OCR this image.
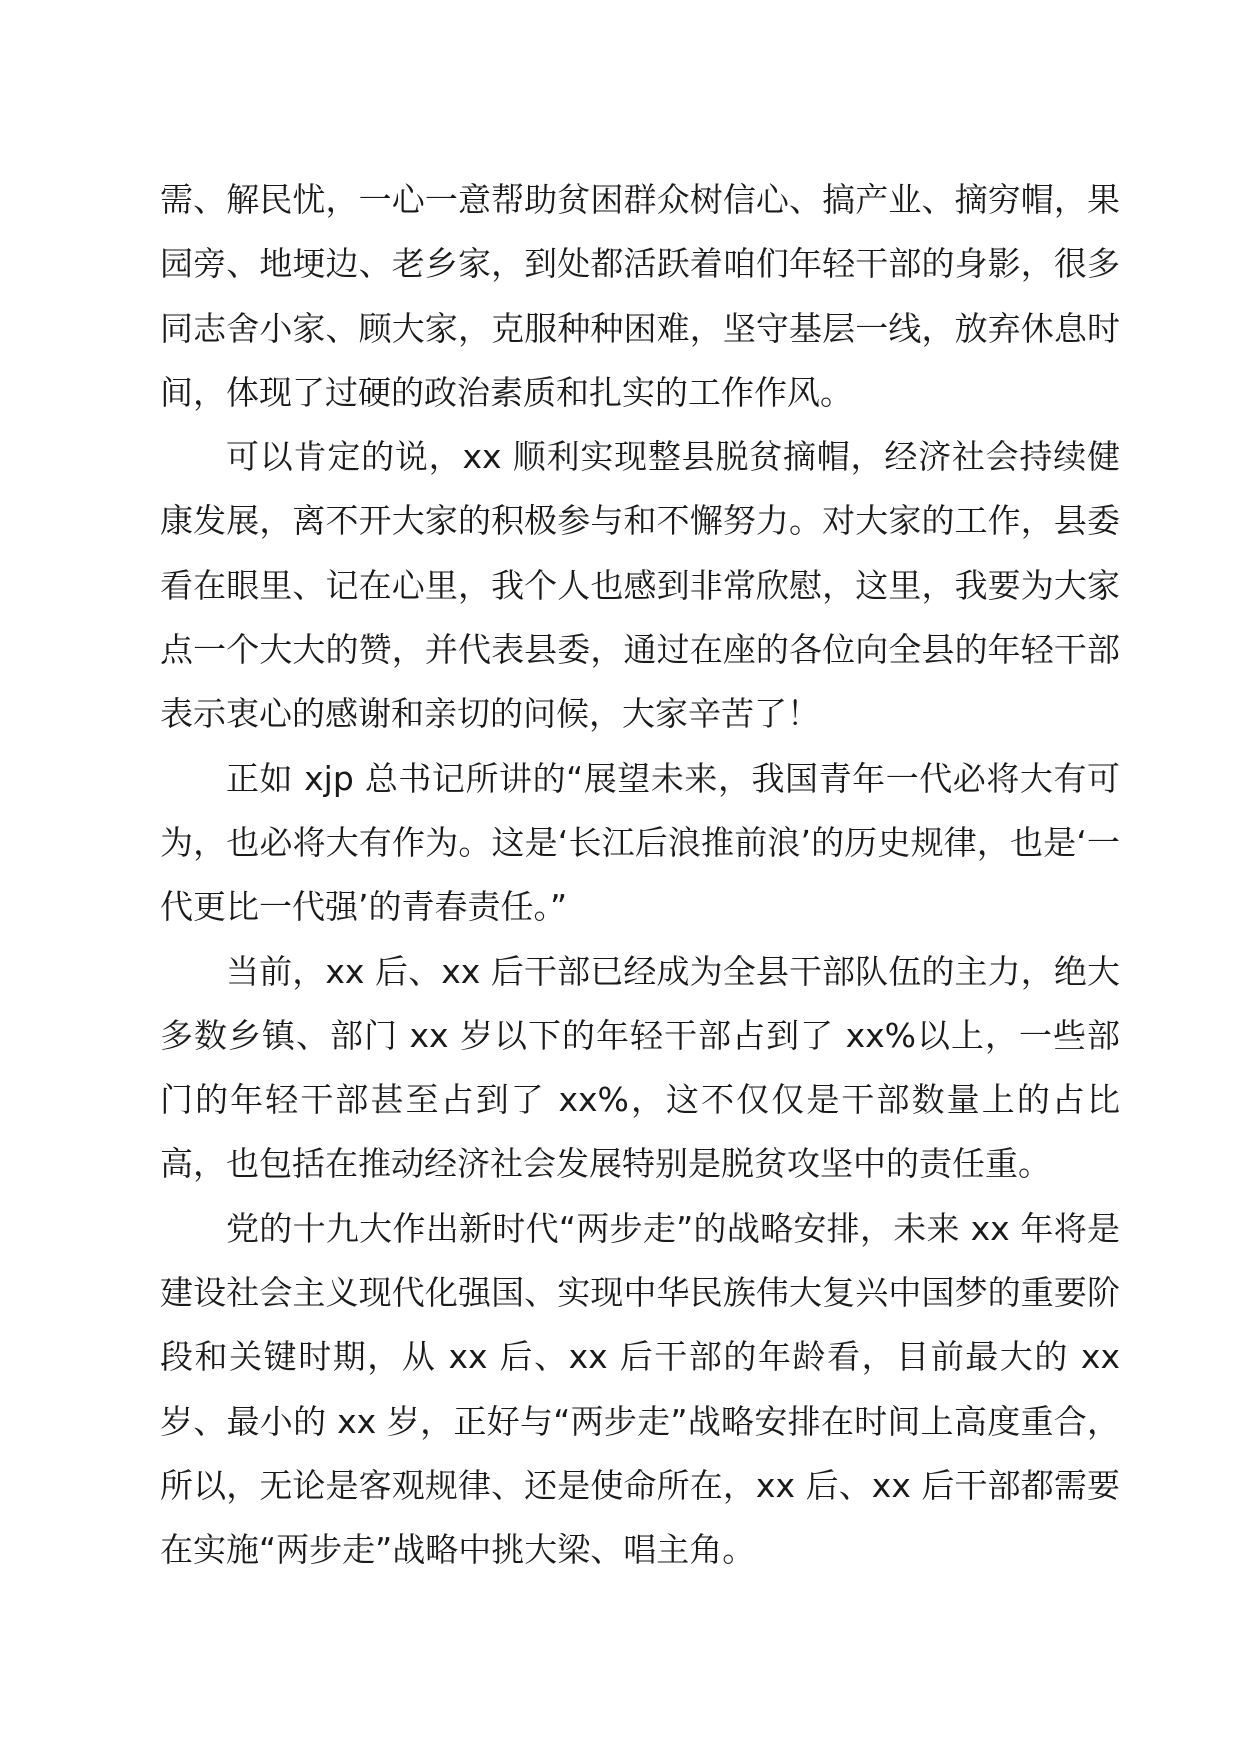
需、解民忧，一心一意帮助贫困群众树信心、搞产业、摘穷帽，果园旁、地埂边、老乡家，到处都活跃着咱们年轻干部的身影，很多同志舍小家、顾大家，克服种种困难，坚守基层一线，放弃休息时间，体现了过硬的政治素质和扎实的工作作风。

可以肯定的说，xx 顺利实现整县脱贫摘帽，经济社会持续健康发展，离不开大家的积极参与和不懈努力。对大家的工作，县委看在眼里、记在心里，我个人也感到非常欣慰，这里，我要为大家点一个大大的赞，并代表县委，通过在座的各位向全县的年轻干部表示衷心的感谢和亲切的问候，大家辛苦了！

正如 xjp 总书记所讲的“展望未来，我国青年一代必将大有可为，也必将大有作为。这是‘长江后浪推前浪’的历史规律，也是‘一代更比一代强’的青春责任。”

当前，xx 后、xx 后干部已经成为全县干部队伍的主力，绝大多数乡镇、部门 xx 岁以下的年轻干部占到了 xx%以上，一些部门的年轻干部甚至占到了 xx%，这不仅仅是干部数量上的占比高，也包括在推动经济社会发展特别是脱贫攻坚中的责任重。

党的十九大作出新时代“两步走”的战略安排，未来 xx 年将是建设社会主义现代化强国、实现中华民族伟大复兴中国梦的重要阶段和关键时期，从 xx 后、xx 后干部的年龄看，目前最大的 xx 岁、最小的 xx 岁，正好与“两步走”战略安排在时间上高度重合，所以，无论是客观规律、还是使命所在，xx 后、xx 后干部都需要在实施“两步走”战略中挑大梁、唱主角。
